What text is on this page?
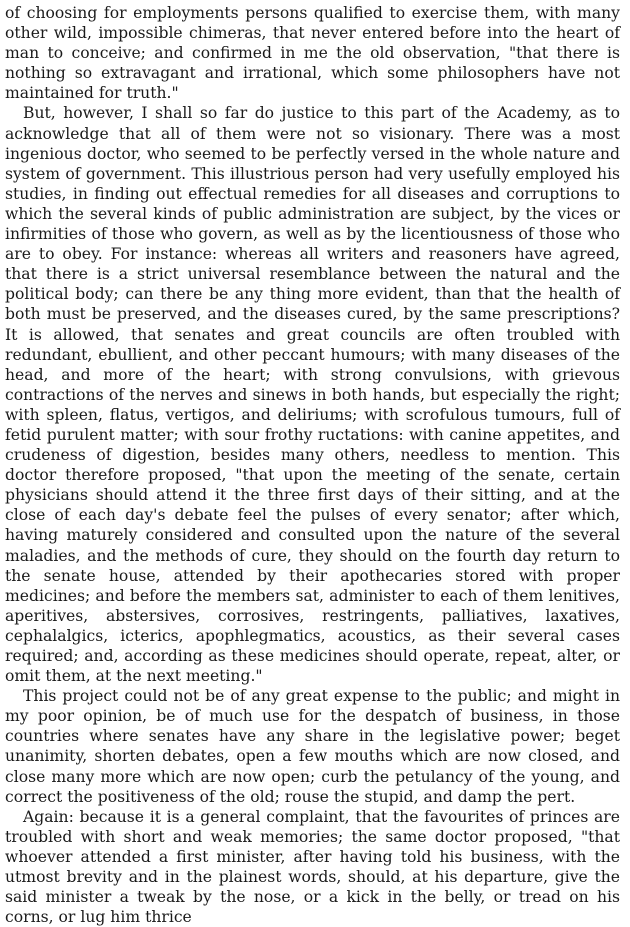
of choosing for employments persons qualified to exercise them, with many other wild, impossible chimeras, that never entered before into the heart of man to conceive; and confirmed in me the old observation, "that there is nothing so extravagant and irrational, which some philosophers have not maintained for truth."

But, however, I shall so far do justice to this part of the Academy, as to acknowledge that all of them were not so visionary. There was a most ingenious doctor, who seemed to be perfectly versed in the whole nature and system of government. This illustrious person had very usefully employed his studies, in finding out effectual remedies for all diseases and corruptions to which the several kinds of public administration are subject, by the vices or infirmities of those who govern, as well as by the licentiousness of those who are to obey. For instance: whereas all writers and reasoners have agreed, that there is a strict universal resemblance between the natural and the political body; can there be any thing more evident, than that the health of both must be preserved, and the diseases cured, by the same prescriptions? It is allowed, that senates and great councils are often troubled with redundant, ebullient, and other peccant humours; with many diseases of the head, and more of the heart; with strong convulsions, with grievous contractions of the nerves and sinews in both hands, but especially the right; with spleen, flatus, vertigos, and deliriums; with scrofulous tumours, full of fetid purulent matter; with sour frothy ructations: with canine appetites, and crudeness of digestion, besides many others, needless to mention. This doctor therefore proposed, "that upon the meeting of the senate, certain physicians should attend it the three first days of their sitting, and at the close of each day's debate feel the pulses of every senator; after which, having maturely considered and consulted upon the nature of the several maladies, and the methods of cure, they should on the fourth day return to the senate house, attended by their apothecaries stored with proper medicines; and before the members sat, administer to each of them lenitives, aperitives, abstersives, corrosives, restringents, palliatives, laxatives, cephalalgics, icterics, apophlegmatics, acoustics, as their several cases required; and, according as these medicines should operate, repeat, alter, or omit them, at the next meeting."

This project could not be of any great expense to the public; and might in my poor opinion, be of much use for the despatch of business, in those countries where senates have any share in the legislative power; beget unanimity, shorten debates, open a few mouths which are now closed, and close many more which are now open; curb the petulancy of the young, and correct the positiveness of the old; rouse the stupid, and damp the pert.

Again: because it is a general complaint, that the favourites of princes are troubled with short and weak memories; the same doctor proposed, "that whoever attended a first minister, after having told his business, with the utmost brevity and in the plainest words, should, at his departure, give the said minister a tweak by the nose, or a kick in the belly, or tread on his corns, or lug him thrice
